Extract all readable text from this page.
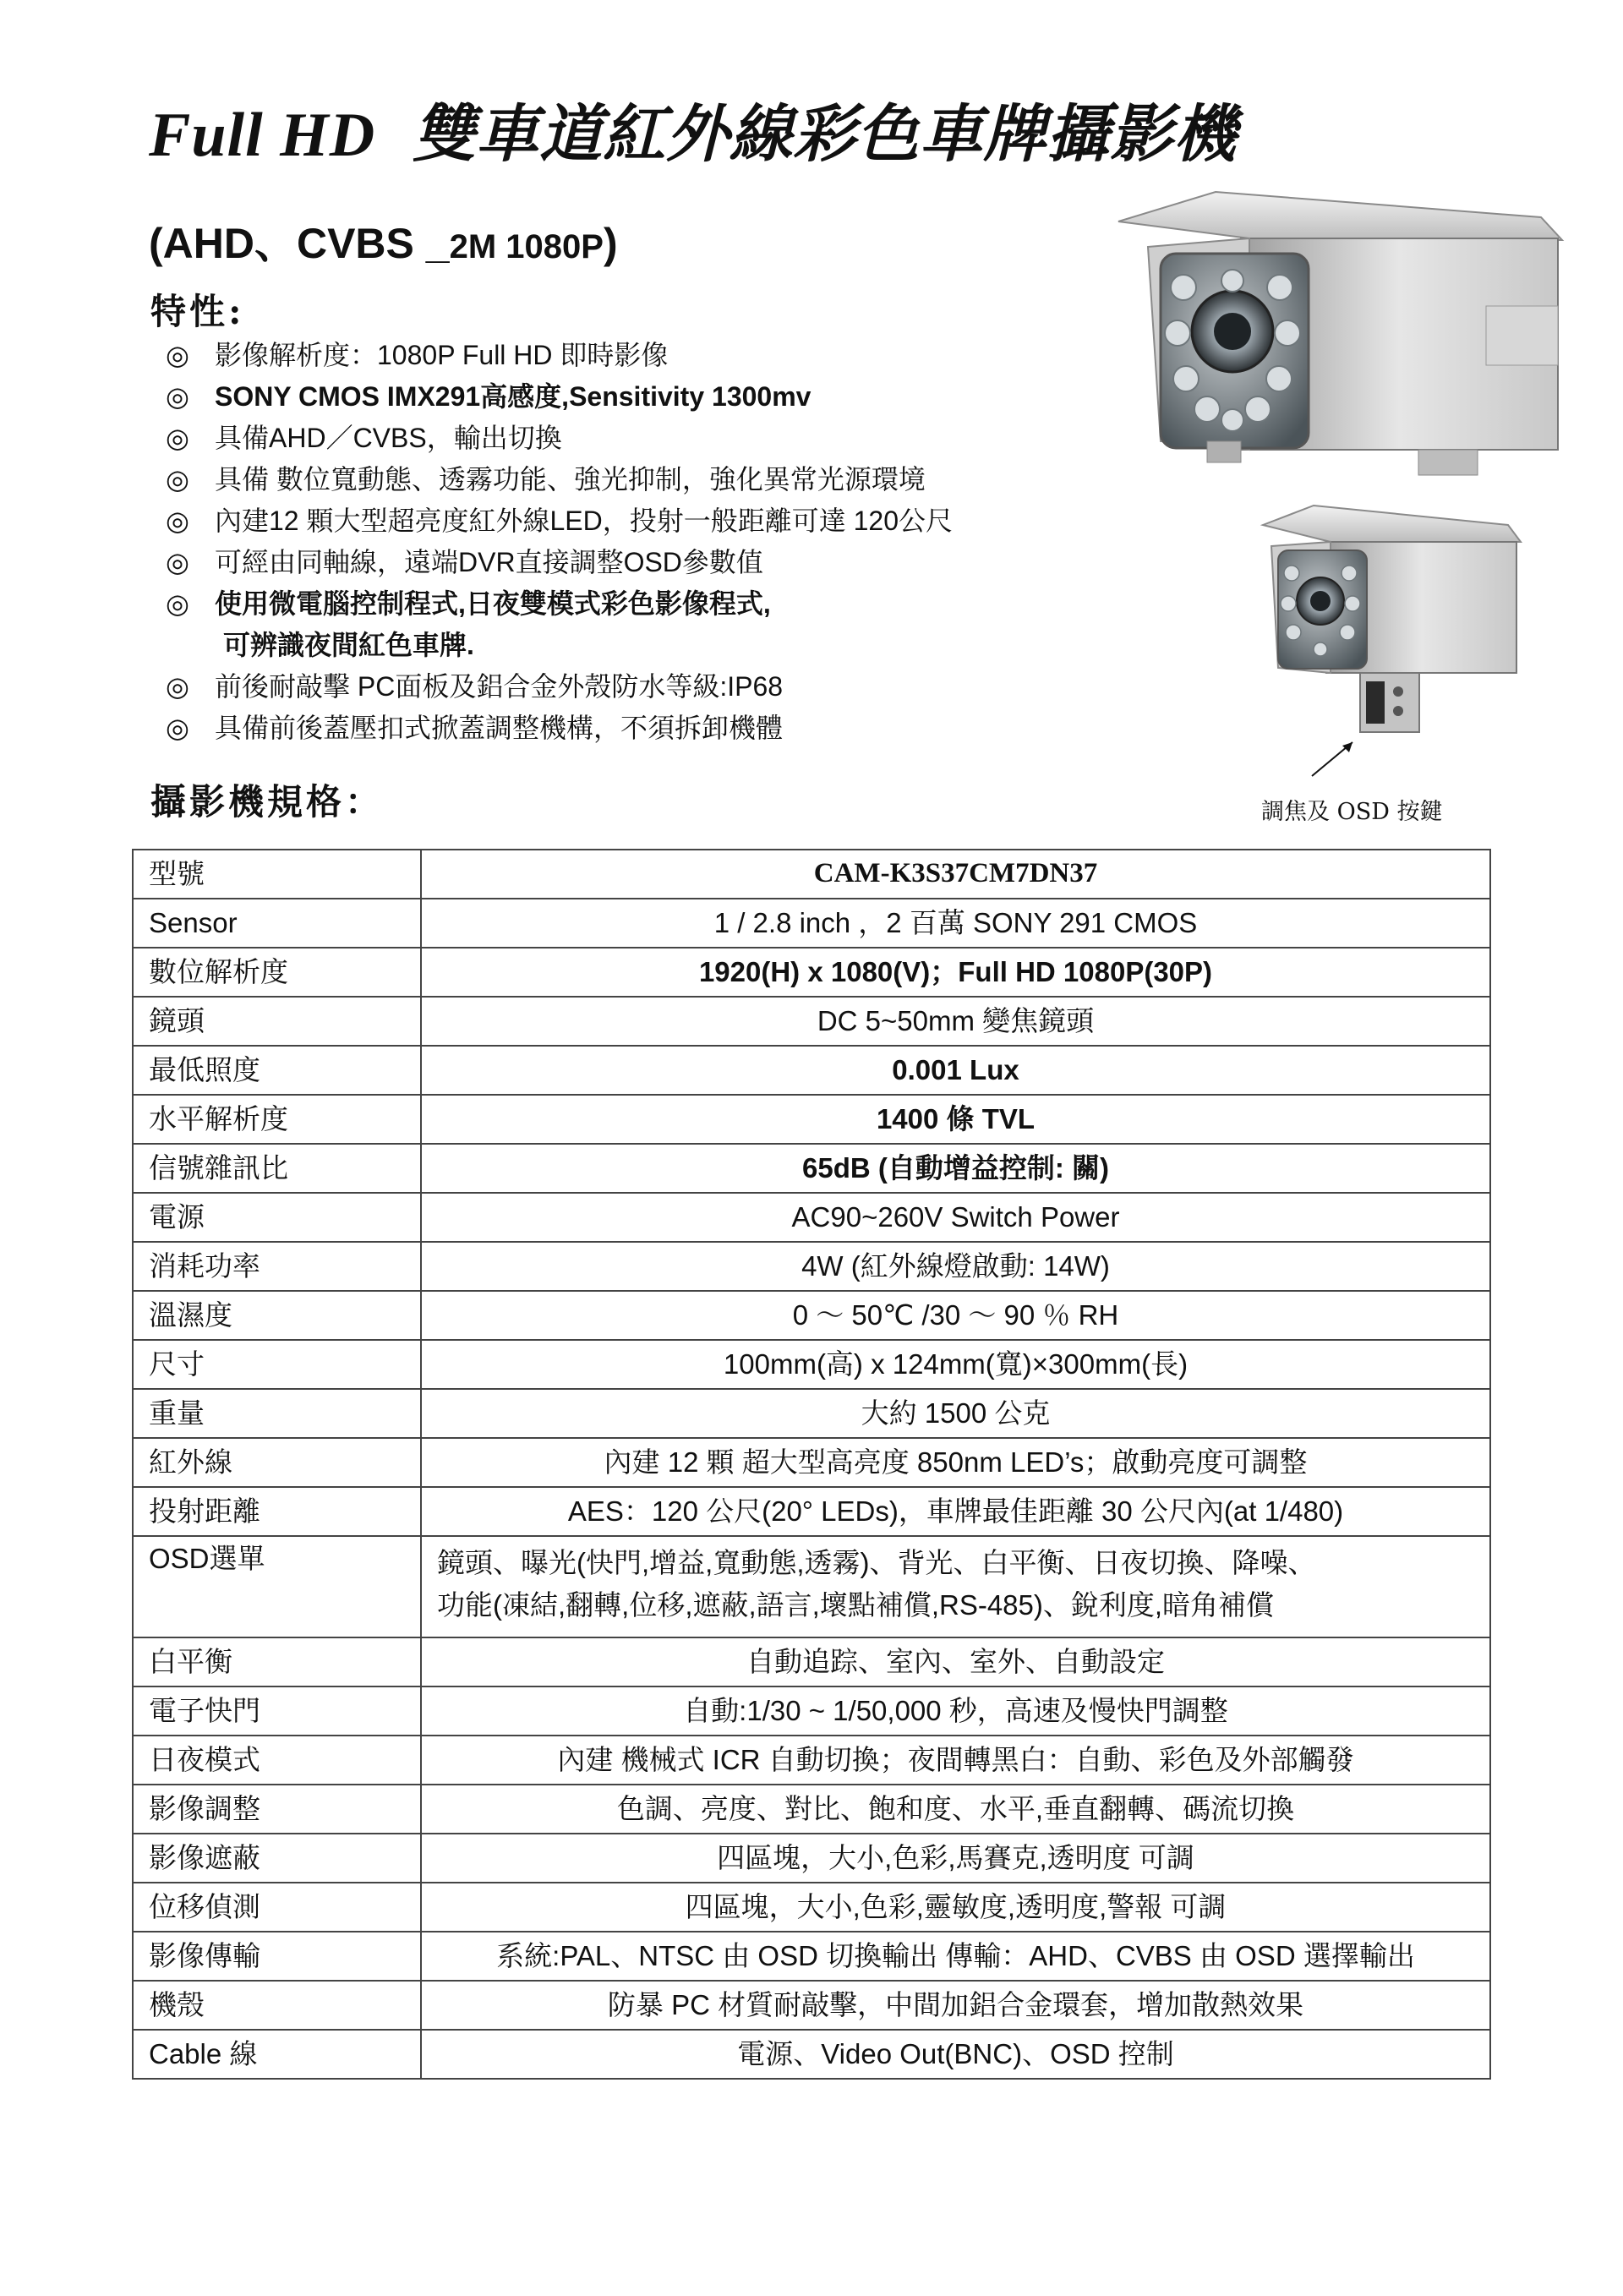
Full HD 雙車道紅外線彩色車牌攝影機
(AHD、CVBS _2M 1080P)
特性:
◎ 影像解析度：1080P Full HD 即時影像
◎ SONY CMOS IMX291高感度,Sensitivity 1300mv
◎ 具備AHD／CVBS，輸出切換
◎ 具備 數位寬動態、透霧功能、強光抑制，強化異常光源環境
◎ 內建12 顆大型超亮度紅外線LED，投射一般距離可達 120公尺
◎ 可經由同軸線，遠端DVR直接調整OSD參數值
◎ 使用微電腦控制程式,日夜雙模式彩色影像程式,
可辨識夜間紅色車牌.
◎ 前後耐敲擊 PC面板及鋁合金外殼防水等級:IP68
◎ 具備前後蓋壓扣式掀蓋調整機構，不須拆卸機體
調焦及 OSD 按鍵
攝影機規格：
型號	CAM-K3S37CM7DN37
Sensor	1 / 2.8 inch ，2 百萬 SONY 291 CMOS
數位解析度	1920(H) x 1080(V)；Full HD 1080P(30P)
鏡頭	DC 5~50mm 變焦鏡頭
最低照度	0.001 Lux
水平解析度	1400 條 TVL
信號雜訊比	65dB (自動增益控制: 關)
電源	AC90~260V Switch Power
消耗功率	4W (紅外線燈啟動: 14W)
溫濕度	0 ～ 50℃ /30 ～ 90 ％ RH
尺寸	100mm(高) x 124mm(寬)×300mm(長)
重量	大約 1500 公克
紅外線	內建 12 顆 超大型高亮度 850nm LED’s；啟動亮度可調整
投射距離	AES：120 公尺(20° LEDs)，車牌最佳距離 30 公尺內(at 1/480)
OSD選單	鏡頭、曝光(快門,增益,寬動態,透霧)、背光、白平衡、日夜切換、降噪、
功能(凍結,翻轉,位移,遮蔽,語言,壞點補償,RS-485)、銳利度,暗角補償

白平衡	自動追踪、室內、室外、自動設定
電子快門	自動:1/30 ~ 1/50,000 秒，高速及慢快門調整
日夜模式	內建 機械式 ICR 自動切換；夜間轉黑白：自動、彩色及外部觸發
影像調整	色調、亮度、對比、飽和度、水平,垂直翻轉、碼流切換
影像遮蔽	四區塊，大小,色彩,馬賽克,透明度 可調
位移偵測	四區塊，大小,色彩,靈敏度,透明度,警報 可調
影像傳輸	系統:PAL、NTSC 由 OSD 切換輸出 傳輸：AHD、CVBS 由 OSD 選擇輸出
機殼	防暴 PC 材質耐敲擊，中間加鋁合金環套，增加散熱效果
Cable 線	電源、Video Out(BNC)、OSD 控制
